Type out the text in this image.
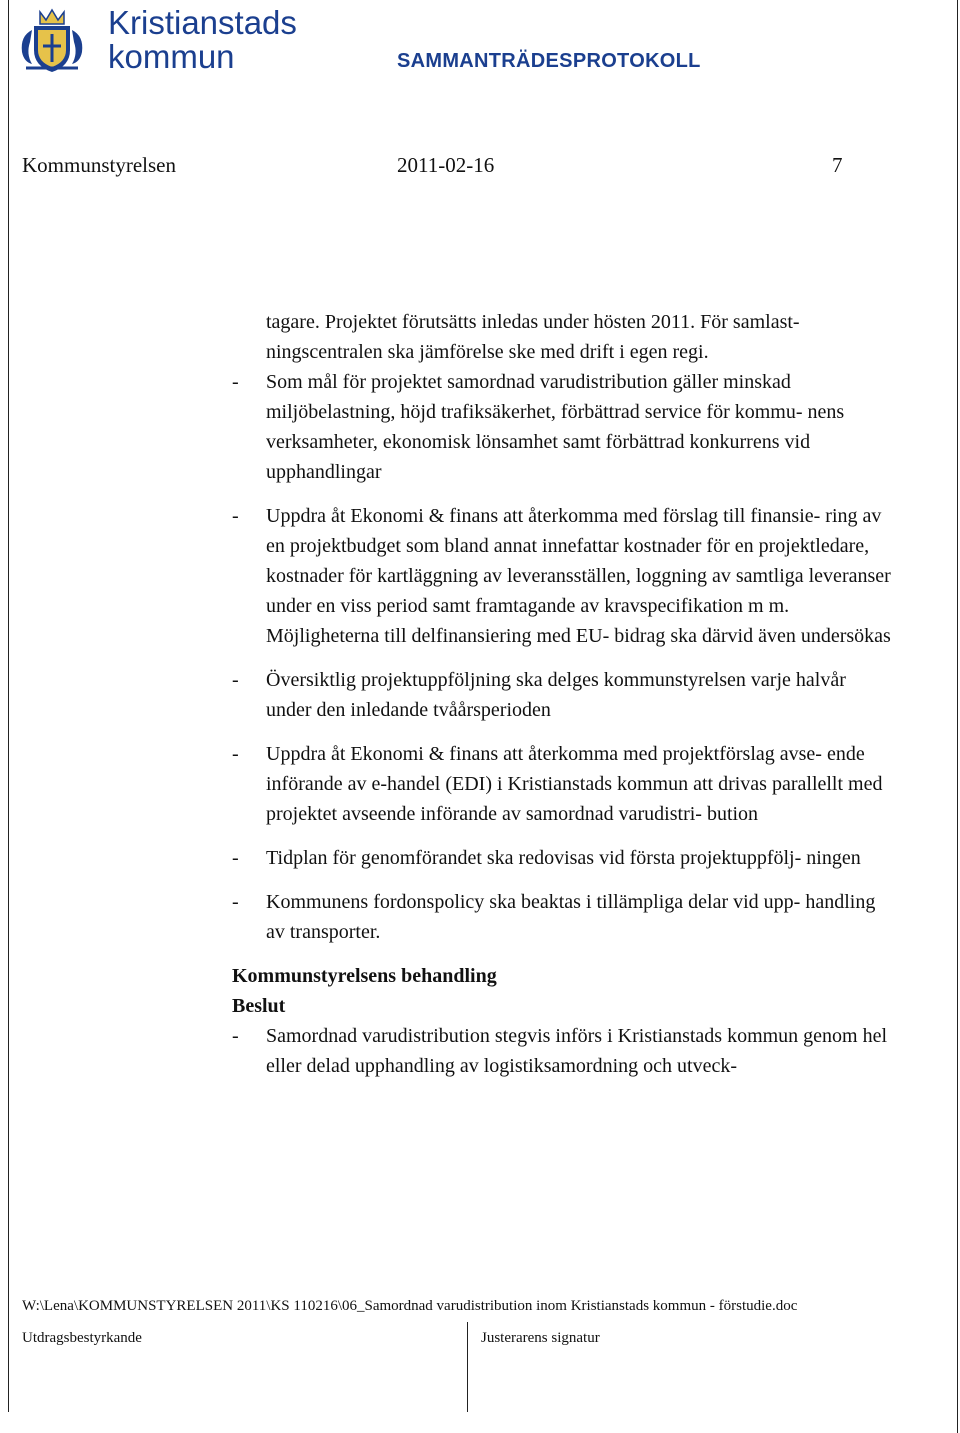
Kristianstads
kommun	SAMMANTRÄDESPROTOKOLL
Kommunstyrelsen	2011-02-16	7

tagare. Projektet förutsätts inledas under hösten 2011. För samlast- ningscentralen ska jämförelse ske med drift i egen regi.

- Som mål för projektet samordnad varudistribution gäller minskad miljöbelastning, höjd trafiksäkerhet, förbättrad service för kommu- nens verksamheter, ekonomisk lönsamhet samt förbättrad konkurrens vid upphandlingar

- Uppdra åt Ekonomi & finans att återkomma med förslag till finansie- ring av en projektbudget som bland annat innefattar kostnader för en projektledare, kostnader för kartläggning av leveransställen, loggning av samtliga leveranser under en viss period samt framtagande av kravspecifikation m m. Möjligheterna till delfinansiering med EU- bidrag ska därvid även undersökas

- Översiktlig projektuppföljning ska delges kommunstyrelsen varje halvår under den inledande tvåårsperioden

- Uppdra åt Ekonomi & finans att återkomma med projektförslag avse- ende införande av e-handel (EDI) i Kristianstads kommun att drivas parallellt med projektet avseende införande av samordnad varudistri- bution

- Tidplan för genomförandet ska redovisas vid första projektuppfölj- ningen

- Kommunens fordonspolicy ska beaktas i tillämpliga delar vid upp- handling av transporter.

Kommunstyrelsens behandling

Beslut

- Samordnad varudistribution stegvis införs i Kristianstads kommun genom hel eller delad upphandling av logistiksamordning och utveck-

W:\Lena\KOMMUNSTYRELSEN 2011\KS 110216\06_Samordnad varudistribution inom Kristianstads kommun - förstudie.doc
Utdragsbestyrkande	Justerarens signatur
